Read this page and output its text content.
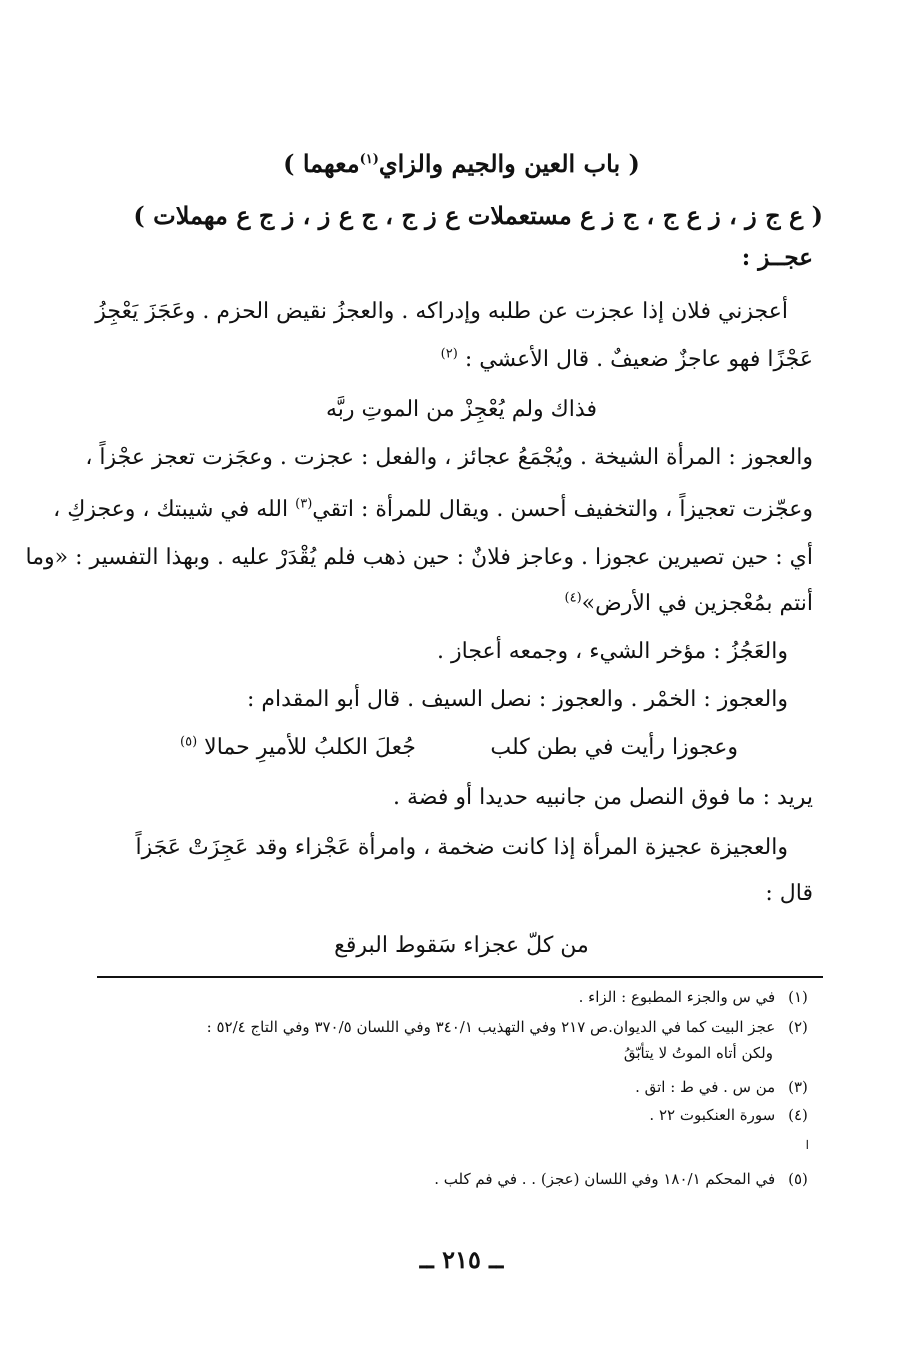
( باب العين والجيم والزاي$^{(١)}$معهما )
( ع ج ز ، ز ع ج ، ج ز ع مستعملات ع ز ج ، ج ع ز ، ز ج ع مهملات )
عجــز :
أعجزني فلان إذا عجزت عن طلبه وإدراكه . والعجزُ نقيض الحزم . وعَجَزَ يَعْجِزُ
عَجْزًا فهو عاجزٌ ضعيفٌ . قال الأعشي : $^{(٢)}$
فذاك ولم يُعْجِزْ من الموتِ ربَّه
والعجوز : المرأة الشيخة . ويُجْمَعُ عجائز ، والفعل : عجزت . وعجَزت تعجز عجْزاً ،
وعجّزت تعجيزاً ، والتخفيف أحسن . ويقال للمرأة : اتقي$^{(٣)}$ الله في شيبتك ، وعجزكِ ،
أي : حين تصيرين عجوزا . وعاجز فلانٌ : حين ذهب فلم يُقْدَرْ عليه . وبهذا التفسير : «وما
أنتم بمُعْجزين في الأرض»$^{(٤)}$
والعَجُزُ : مؤخر الشيء ، وجمعه أعجاز .
والعجوز : الخمْر . والعجوز : نصل السيف . قال أبو المقدام :
وعجوزا رأيت في بطن كلب
جُعلَ الكلبُ للأميرِ حمالا $^{(٥)}$
يريد : ما فوق النصل من جانبيه حديدا أو فضة .
والعجيزة عجيزة المرأة إذا كانت ضخمة ، وامرأة عَجْزاء وقد عَجِزَتْ عَجَزاً
قال :
من كلّ عجزاء سَقوط البرقع
(١) في س والجزء المطبوع : الزاء .
(٢) عجز البيت كما في الديوان.ص ٢١٧ وفي التهذيب ٣٤٠/١ وفي اللسان ٣٧٠/٥ وفي التاج ٥٢/٤ :
ولكن أتاه الموتُ لا يتأبّقُ
(٣) من س . في ط : اتق .
(٤) سورة العنكبوت ٢٢ .
ا
(٥) في المحكم ١٨٠/١ وفي اللسان (عجز) . . في فم كلب .
ــ ٢١٥ ــ
